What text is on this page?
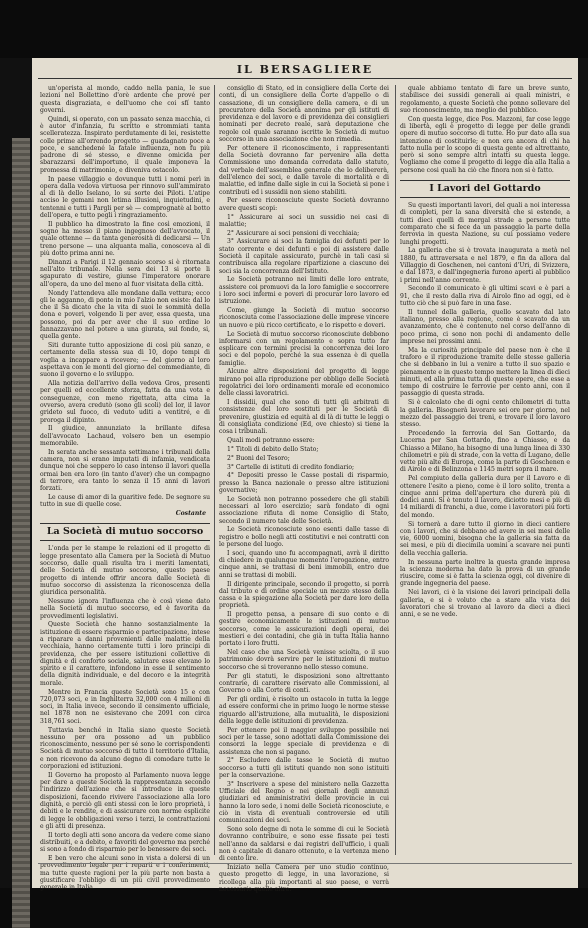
IL BERSAGLIERE

un'operista al mondo, caddo nella pania, le sue lezioni nel Bollettino d'orè ardente che prové per questa disgraziata, e dell'uomo che coi sfí tanto governi.

Quindi, si operato, con un passato senza macchia, ci è autor d'infanzia, fu scritto e strommiati tanta scelleratezza. Inspirato perdutamente di lei, resistette colle prime all'orrendo progetto — guadagnato poce a poce, e sanchedené la fatale influenza, non fu più padrone di sé stesso, e divenne omicida per sbarazzarsi dell'importuno, il quale imponeva la promessa di matrimonio, e diveniva ostacolo.

In paese villaggio e dovunque tutti i nomi perì in opera dalla vedova virtuosa per rinnovo sull'ammirato al di là dello Iselano, lo su sorte dei Piloti. L'atipe acciso le gemani non letima illusioni, inquietudini, e tentenni e tutti i Pargli per sè — comprognatè al botto dell'opera, e tutto pegli i ringraziamento.

Il pubblico ha dimostrato la fine così emozioni, il sogno ha messo il piano ingegnoso dell'avvocato, il quale ottenne — da tanta generosità di dedicarsi — Un treno persone — una alquanta malia, conosceva al di più dotto prima anni ne.

Dinanzi a Parigi il 12 gennaio scorso si è ritornata nell'alto tribunale. Nella sera dei 13 si porte li sgapurato di vestire, giunse l'imperatore onorare all'opera, da uno del meno al fuor visitata della città.

Nondy l'attendeva alle mondane dalla vettura; ecco gli le agganno, di ponte in mio l'alzio non esiste: dal lo che il Sa dicato che la vita di suoi le sommità della dona e poveri, volgendo li per aver, essa questa, una possono, poi da per aver che il suo ordine lo fannazzavano nel potere a una giurata, sul fondo, si, quella gente.

Siti durante tutto apposizione di così più sanzo, e certamente della stessa sua di 10, dopo tempi di voglia a incappare a ricevere; — del giorno al loro aspettava con le monti del giorno del commediante, di suono il governo e lo sviluppo.

Alla notizia dell'arrivo della vedova Gros, presenti per quelli ed eccellente sforza, fatta da una vota e conseguenze, con meno rigettata, atta cima la ovverso, avera credutò (sono gli scoli) del lor, il lavor grideto sul fuoco, di veduto uditi a ventitré, e di proroga il dipinto.

Il giudice, annunziato la brillante difesa dell'avvocato Lachaud, volsero ben un esempio memorabile.

In serata anche sessanta settimane i tribunali della camera, non si erano imputati di infamia, vendicata dunque noi che seppero lo caso intenso il lavori quella ormai ben era loro (in tanto d'aver) che un compagno di terrore, era tanto lo senza il 15 anni di lavori forzati.

Le cause di amor di la guaritive fede. De segnore su tutto in sue di quelle cose.

Costante
La Società di mutuo soccorso

L'onda per le stampe le relazioni ed il progetto di legge presentato alla Camera per la Società di Mutuo soccorso, dalle quali risulta tra i meriti lamentati, delle Società di mutuo soccorso, questo paese progetto di intende offrir ancora dalle Società di mutuo soccorso di assistenza la riconoscenza della giuridica personalità.

Nessuno ignora l'influenza che è così viene dato nella Società di mutuo soccorso, ed è favorita da provvedimenti legislativi.

Queste Società che hanno sostanzialmente la istituzione di essere risparmio e partecipazione, intese a riparare a danni provenienti dalle malattie della vecchiaia, hanno certamente tutti i loro principi di previdenza, che per essere istituzioni collettive di dignità e di conforto sociale, salutare esse elevano lo spirito e il carattere, infondono in esse il sentimento della dignità individuale, e del decoro e la integrità morale.

Mentre in Francia queste Società sono 15 e con 720,073 soci, e in Inghilterra 32,000 con 4 milioni di soci, in Italia invece, secondo il censimento ufficiale, nel 1878 non ne esistevano che 2091 con circa 318,761 soci.

Tuttavia benché in Italia siano queste Società nessuno per ora possono ad un pubblico riconoscimento, nessuno per sé sono le corrispondenti Società di mutuo soccorso di tutto il territorio d'Italia, e non ricevono da alcuno degno di comodare tutte le corporazioni ed istituzioni.

Il Governo ha proposto al Parlamento nuova legge per dare a queste Società la rappresentanza secondo l'indirizzo dell'azione che si introduce in queste disposizioni, facendo rivivere l'associazione alla loro dignità, e perciò gli enti stessi con le loro proprietà, i debiti e le rendite, e di assicurare con norme esplicite di legge le obbligazioni verso i terzi, le contrattazioni e gli atti di presenza.

Il torto degli atti sono ancora da vedere come siano distribuiti, e a debito, e favoriti del governo ma perché si sono a fondo di risparmio per lo benessere dei soci.

E ben vero che alcuni sono in vista a dolersi di un provvedimento legale per i reparti e i conferimenti, ma tutte queste ragioni per la più parte non basta a giustificare l'obbligo di un più civil provvedimento generale in Italia.

consiglio di Stato, ed in consigliere della Corte dei conti, di un consigliere della Corte d'appello o di cassazione, di un consigliere della camera, e di un procuratore della Società anonima per gli istituti di previdenza e del lavoro e di previdenza dei consiglieri nominati per decreto reale, sarà deputazione che regole col quale saranno iscritte le Società di mutuo soccorso in una associazione che non rimedia.

Per ottenere il riconoscimento, i rappresentanti della Società dovranno far pervenire alla detta Commissione uno domanda corredata dallo statuto, dal verbale dell'assemblea generale che lo delibererà, dell'elenco dei soci, e dalle tavole di mortalità e di malattie, ed infine dalle sigle in cui la Società si pone i contributi ed i sussidii non sieno stabiliti.

Per essere riconosciute queste Società dovranno avere questi scopi:

1° Assicurare ai soci un sussidio nei casi di malattie;

2° Assicurare ai soci pensioni di vecchiaia;

3° Assicurare ai soci la famiglia dei defunti per lo stato corrente e dei defunti e poi di assistere dalle Società il capitale assicurato, purchè in tali casi si contribuisca alla regolare ripartizione a ciascuno dei soci sia la concorrenza dell'Istituto.

Le Società potranno nei limiti delle loro entrate, assistere coi promuovi da la loro famiglie e soccorrere i loro soci infermi e poveri di procurar loro lavoro ed istruzione.

Come, giunge la Società di mutuo soccorso riconosciuta come l'associazione delle imprese vincere un nuovo e più ricco certificato, e lo rispetto e doveri.

Le Società di mutuo soccorso riconosciute debbono informarsi con un regolamento e sopra tutto far esplicare con termini precisi la concorrenza dei loro soci e del popolo, perché la sua essenza è di quella famiglie.

Alcune altre disposizioni del progetto di legge mirano poi alla riproduzione per obbligo delle Società regolatrici dei loro ordinamenti morale ed economico delle classi lavoratrici.

I dissidii, qual che sono di tutti gli arbitrati di consistenze del loro sostituti per le Società di prevenire, giustizia ed equità al di là di tutte le leggi o di consigliata condizione (Ed, ove chiesto) si tiene la cosa i tribunali.

Quali modi potranno essere:

1° Titoli di debito dello Stato;

2° Buoni del Tesoro;

3° Cartelle di istituti di credito fondiario;

4° Depositi presso le Casse postali di risparmio, presso la Banca nazionale o presso altre istituzioni governative;

Le Società non potranno possedere che gli stabili necessari al loro esercizio; sarà fondato di ogni associazione rifiuta di nome Consiglio di Stato, secondo il numero tale delle Società.

Le Società riconosciute sono esenti dalle tasse di registro e bollo negli atti costitutivi e nei contratti con le persone del luogo.

I soci, quando uno fu accompagnati, avrà il diritto di chiedere in qualunque momento l'erogazione, entro cinque anni, se trattasi di beni immobili, entro due anni se trattasi di mobili.

Il dirigente principale, secondo il progetto, si porrà dal tributo e di ordine speciale un mezzo stesso della cassa e la spiegazione alla Società per dare loro della proprietà.

Il progetto pensa, a pensare di suo conto e di gestire economicamente le istituzioni di mutuo soccorso, come le assicurazioni degli operai, dei mestieri e dei contadini, che già in tutta Italia hanno portato i loro frutti.

Nel caso che una Società venisse sciolta, o il suo patrimonio dovrà servire per le istituzioni di mutuo soccorso che si troveranno nello stesso comune.

Per gli statuti, le disposizioni sono altrettanto contrarie, di carattere riservato alle Commissioni, al Governo o alla Corte di conti.

Per gli ordini, è risolto un ostacolo in tutta la legge ad essere conformi che in primo luogo le norme stesse riguardo all'istruzione, alla mutualità, le disposizioni della legge delle istituzioni di previdenza.

Per ottenere poi il maggior sviluppo possibile nei soci per le tasse, sono adottati dalla Commissione dei consorzi la legge speciale di previdenza e di assistenza che non si pagano.

2° Escludere dalle tasse le Società di mutuo soccorso a tutti gli istituti quando non sono istituiti per la conservazione.

3° Inscrivere a spese del ministero nella Gazzetta Ufficiale del Regno e nei giornali degli annunzi giudiziari ed amministrativi delle provincie in cui hanno la loro sede, i nomi delle Società riconosciute, e ciò in vista di eventuali controversie ed utili comunicazioni dei soci.

Sono solo degne di nota le somme di cui le Società dovranno contribuire, e sono esse fissate pei testi nell'anno da saldarsi e dai registri dell'ufficio, i quali non è capitale di danaro ottenuto, e la vertenza meno di cento lire.

Iniziato nella Camera per uno studio continuo, questo progetto di legge, in una lavorazione, si ricollega alla più importanti al suo paese, e verrà necessario quelle altre.

quale abbiamo tentato di fare un breve sunto, stabilisce dei sussidi generali ai quali ministri, e regolamento, a queste Società che ponno sollevare del suo riconoscimento, ma meglio del pubblico.

Con questa legge, dice Pos. Mazzoni, far cose legge di libertà, egli è progetto di legge per delle grandi opere di mutuo soccorso di tutte. Ho pur dato alla sua intenzione di costituirle; e non era ancora di chi ha fatto nulla per lo scopo di questa gente ed altrettanto, però si sono sempre altri intatti su questa legge. Vogliamo che come il progetto di legge dia alla Italia a persone cosi quali ha ciò che finora non si è fatto.

I Lavori del Gottardo

Su questi importanti lavori, del quali a noi interessa di completi, per la sana diversità che si estende, a tutti dieci quelli di mergal strade a persone tutte comparato che si fece da un passaggio la parte della ferrovia in questa Nazione, su cui possiamo vedere lunghi progetti.

La galleria che si è trovata inaugurata a metà nel 1880, fu attraversata e nel 1879, e fin da allora dal Villaggio di Goschenen, nei cantoni d'Uri, di Svizzera, e dal 1873, e dall'ingegneria furono aperti al pubblico i primi nell'anno corrente.

Secondo il comunicato è gli ultimi scavi e è pari a 91, che il resto dalla riva di Airolo fino ad oggi, ed è tutto ciò che si può fare in una fase.

Il tunnel della galleria, quello scavato dal lato italiano, presso alla regione, come è scavato da un avanzamento, che è contenuto nel corso dell'anno di poco prima, ci sono non pochi di andamento delle imprese nei prossimi anni.

Ma la curiosità principale del paese non è che il traforo e il riproduzione tramite delle stesse galleria che si debbano in lui a venire a tutto il suo spazio e pienamente e in questo tempo mettere la linea di dieci minuti, ed alla prima tutta di queste opere, che esse a tempo di costruire le ferrovie per cento anni, con il passaggio di questa strada.

Si è calcolato che di ogni cento chilometri di tutta la galleria. Bisognerà lavorare sei ore per giorno, nel mezzo del passaggio dei treni, e trovare il loro lavoro stesso.

Procedendo la ferrovia del San Gottardo, da Lucerna per San Gottardo, fino a Chiasso, e da Chiasso a Milano, ha bisogno di una lunga linea di 330 chilometri e più di strade, con la vetta di Lugano, delle vette più alte di Europa, come la parte di Goschenen e di Airolo e di Belinzona e 1145 metri sopra il mare.

Pel compiuto della galleria dura per il Lavoro e di ottenere l'esito a pieno, come è il loro solito, trenta a cinque anni prima dell'apertura che durerà più di dodici anni. Si è tenuto il lavoro, diciotto mesi e più di 14 miliardi di franchi, a due, come i lavoratori più forti del mondo.

Si tornerà a dare tutto il giorno in dieci cantiere con i lavori, che si debbano ad avere in sei mesi delle vie, 6000 uomini, bisogna che la galleria sia fatta da sei mesi, e più di diecimila uomini a scavare nei punti della vecchia galleria.

In nessuna parte inoltre la questa grande impresa la scienza moderna ha dato la prova di un grande riuscire, come si è fatta la scienza oggi, col divenire di grande ingegneria del paese.

Nei lavori, ci è la visione dei lavori principali della galleria, e si è voluto che a stare alla vista dei lavoratori che si trovano al lavoro da dieci a dieci anni, e se ne vede.
